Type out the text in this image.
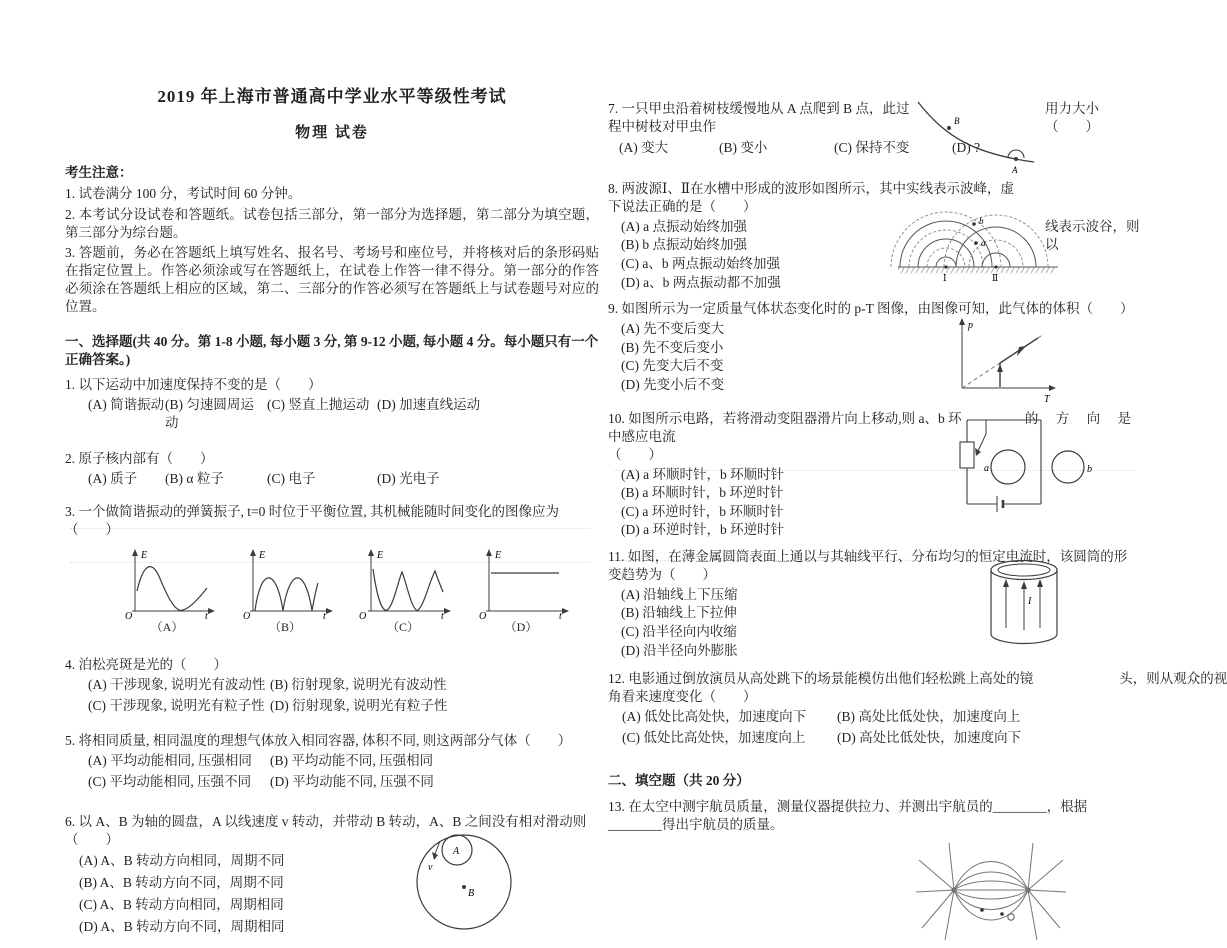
2019 年上海市普通高中学业水平等级性考试
物理 试卷
考生注意：
1. 试卷满分 100 分，考试时间 60 分钟。
2. 本考试分设试卷和答题纸。试卷包括三部分，第一部分为选择题，第二部分为填空题，第三部分为综台题。
3. 答题前，务必在答题纸上填写姓名、报名号、考场号和座位号，并将核对后的条形码贴在指定位置上。作答必须涂或写在答题纸上，在试卷上作答一律不得分。第一部分的作答必须涂在答题纸上相应的区域，第二、三部分的作答必须写在答题纸上与试卷题号对应的位置。
一、选择题(共 40 分。第 1-8 小题, 每小题 3 分, 第 9-12 小题, 每小题 4 分。每小题只有一个正确答案。)
1. 以下运动中加速度保持不变的是（　　）
(A) 简谐振动 (B) 匀速圆周运动
(C) 竖直上抛运动 (D) 加速直线运动
2. 原子核内部有（　　）
(A) 质子	(B) α 粒子	(C) 电子	(D) 光电子
3. 一个做简谐振动的弹簧振子, t=0 时位于平衡位置, 其机械能随时间变化的图像应为（　　）
E
t
O
（A）
E
t
O
（B）
E
t
O
（C）
E
t
O
（D）
4. 泊松亮斑是光的（　　）
(A) 干涉现象, 说明光有波动性 (B) 衍射现象, 说明光有波动性
(C) 干涉现象, 说明光有粒子性 (D) 衍射现象, 说明光有粒子性
5. 将相同质量, 相同温度的理想气体放入相同容器, 体积不同, 则这两部分气体（　　）
(A) 平均动能相同, 压强相同	(B) 平均动能不同, 压强相同
(C) 平均动能相同, 压强不同	(D) 平均动能不同, 压强不同
6. 以 A、B 为轴的圆盘，A 以线速度 v 转动，并带动 B 转动，A、B 之间没有相对滑动则（　　）
(A) A、B 转动方向相同，周期不同
(B) A、B 转动方向不同，周期不同
(C) A、B 转动方向相同，周期相同
(D) A、B 转动方向不同，周期相同
B
A
v
7. 一只甲虫沿着树枝缓慢地从 A 点爬到 B 点，此过程中树枝对甲虫作
用力大小（　　）
(A) 变大	(B) 变小	(C) 保持不变	(D) ?
B
A
8. 两波源Ⅰ、Ⅱ在水槽中形成的波形如图所示，其中实线表示波峰，虚
下说法正确的是（　　）
线表示波谷，则以
(A) a 点振动始终加强
(B) b 点振动始终加强
(C) a、b 两点振动始终加强
(D) a、b 两点振动都不加强	Ⅰ	Ⅱ
b
a
9. 如图所示为一定质量气体状态变化时的 p-T 图像，由图像可知，此气体的体积（　　）
(A) 先不变后变大
(B) 先不变后变小
(C) 先变大后不变
(D) 先变小后不变
p
T
10. 如图所示电路，若将滑动变阻器滑片向上移动,则 a、b 环中感应电流
的 方 向 是
（　　）
(A) a 环顺时针，b 环顺时针
(B) a 环顺时针，b 环逆时针
(C) a 环逆时针，b 环顺时针
(D) a 环逆时针，b 环逆时针
a	b
11. 如图，在薄金属圆筒表面上通以与其轴线平行、分布均匀的恒定电流时，该圆筒的形变趋势为（　　）
(A) 沿轴线上下压缩
(B) 沿轴线上下拉伸
(C) 沿半径向内收缩
(D) 沿半径向外膨胀
I
12. 电影通过倒放演员从高处跳下的场景能模仿出他们轻松跳上高处的镜	头，则从观众的视
角看来速度变化（　　）
(A) 低处比高处快，加速度向下	(B) 高处比低处快，加速度向上
(C) 低处比高处快，加速度向上	(D) 高处比低处快，加速度向下
二、填空题（共 20 分）
13. 在太空中测宇航员质量，测量仪器提供拉力、并测出宇航员的________，根据________得出宇航员的质量。
